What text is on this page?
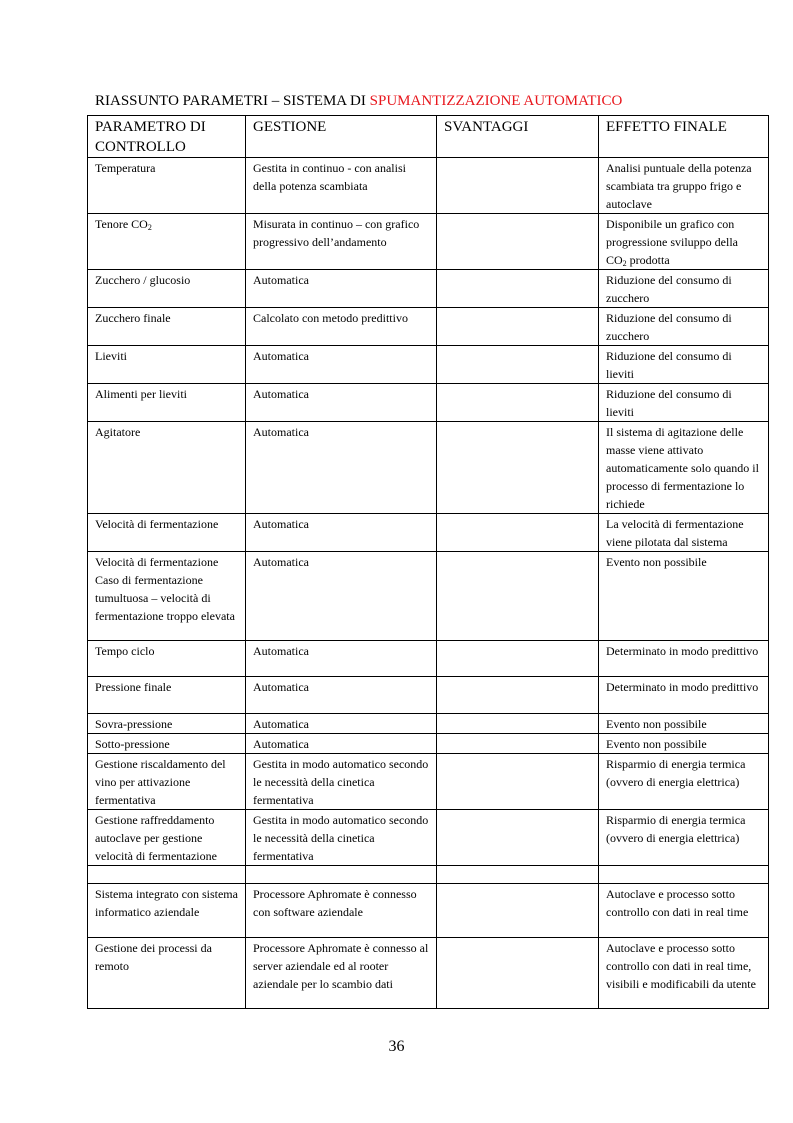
RIASSUNTO PARAMETRI – SISTEMA DI SPUMANTIZZAZIONE AUTOMATICO
PARAMETRO DI CONTROLLO	GESTIONE	SVANTAGGI	EFFETTO FINALE
Temperatura	Gestita in continuo - con analisi della potenza scambiata		Analisi puntuale della potenza scambiata tra gruppo frigo e autoclave
Tenore $CO_2$	Misurata in continuo – con grafico progressivo dell’andamento		Disponibile un grafico con progressione sviluppo della $CO_2$ prodotta
Zucchero / glucosio	Automatica		Riduzione del consumo di zucchero
Zucchero finale	Calcolato con metodo predittivo		Riduzione del consumo di zucchero
Lieviti	Automatica		Riduzione del consumo di lieviti
Alimenti per lieviti	Automatica		Riduzione del consumo di lieviti
Agitatore	Automatica		Il sistema di agitazione delle masse viene attivato automaticamente solo quando il processo di fermentazione lo richiede
Velocità di fermentazione	Automatica		La velocità di fermentazione viene pilotata dal sistema
Velocità di fermentazione Caso di fermentazione tumultuosa – velocità di fermentazione troppo elevata	Automatica		Evento non possibile
Tempo ciclo	Automatica		Determinato in modo predittivo
Pressione finale	Automatica		Determinato in modo predittivo
Sovra-pressione	Automatica		Evento non possibile
Sotto-pressione	Automatica		Evento non possibile
Gestione riscaldamento del vino per attivazione fermentativa	Gestita in modo automatico secondo le necessità della cinetica fermentativa		Risparmio di energia termica (ovvero di energia elettrica)
Gestione raffreddamento autoclave per gestione velocità di fermentazione	Gestita in modo automatico secondo le necessità della cinetica fermentativa		Risparmio di energia termica (ovvero di energia elettrica)

Sistema integrato con sistema informatico aziendale	Processore Aphromate è connesso con software aziendale		Autoclave e processo sotto controllo con dati in real time
Gestione dei processi da remoto	Processore Aphromate è connesso al server aziendale ed al rooter aziendale per lo scambio dati		Autoclave e processo sotto controllo con dati in real time, visibili e modificabili da utente
36
